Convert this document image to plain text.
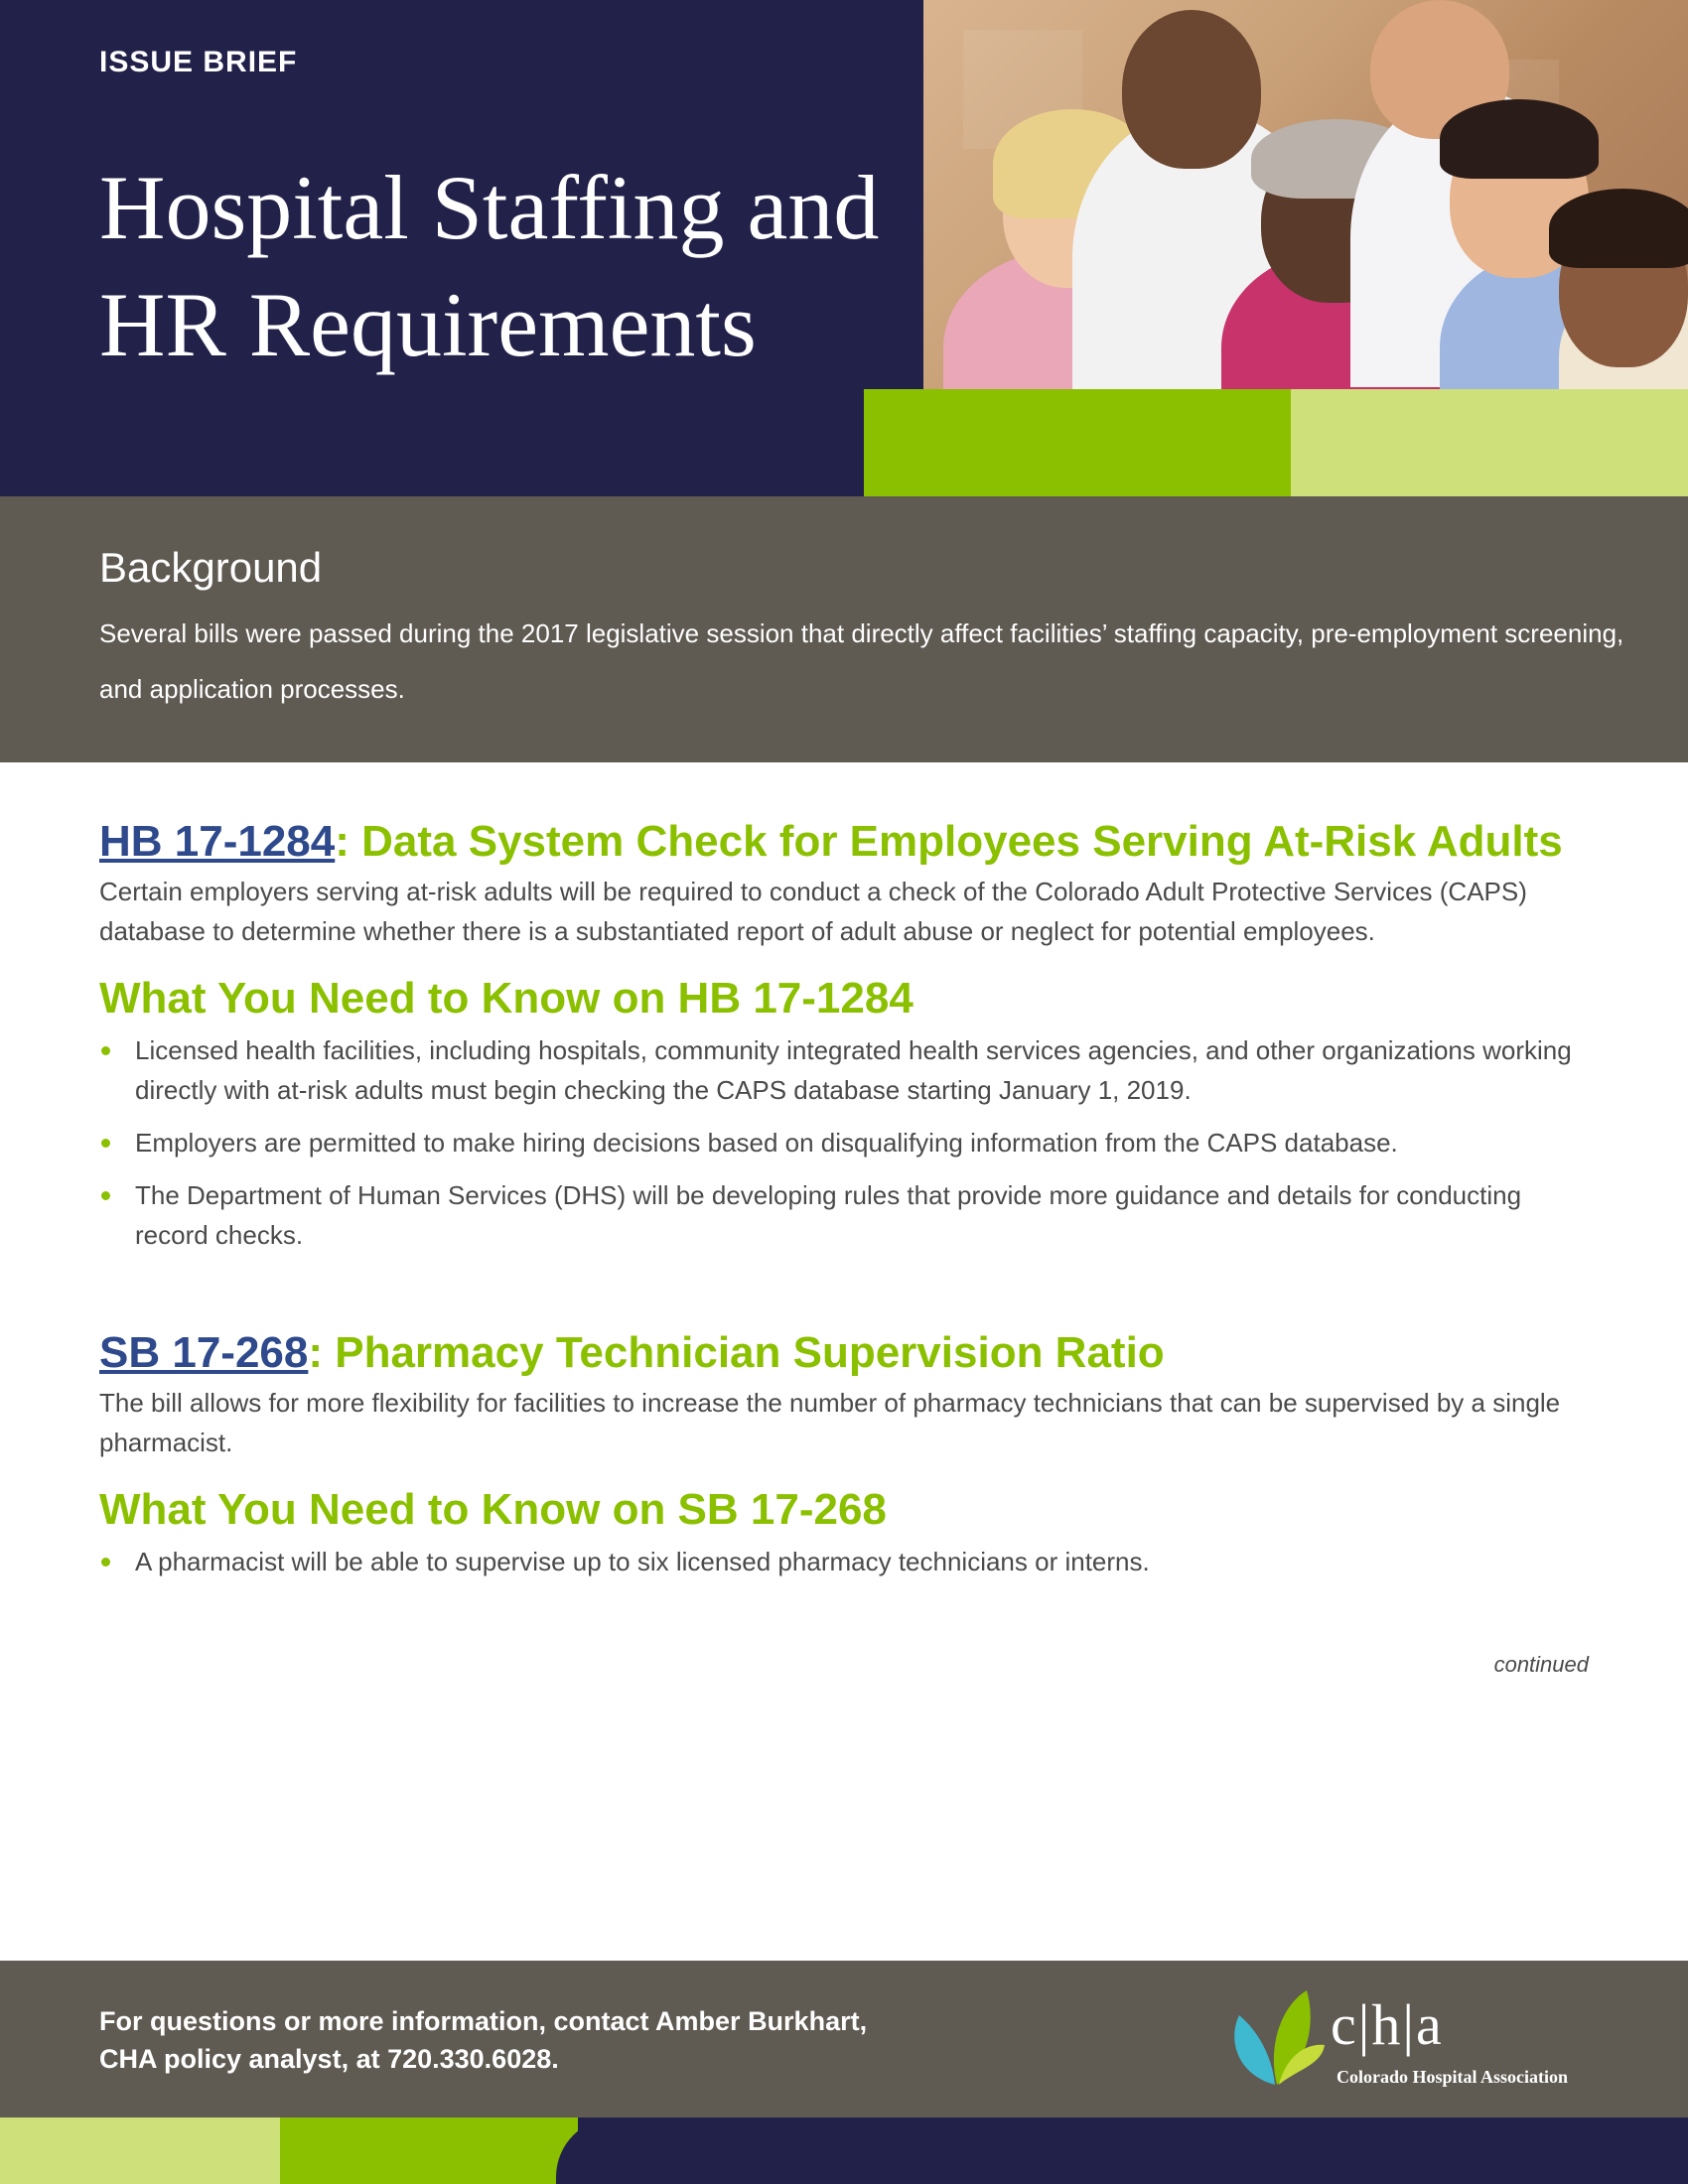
ISSUE BRIEF
Hospital Staffing and HR Requirements
Background
Several bills were passed during the 2017 legislative session that directly affect facilities’ staffing capacity, pre-employment screening, and application processes.
HB 17-1284: Data System Check for Employees Serving At-Risk Adults

Certain employers serving at-risk adults will be required to conduct a check of the Colorado Adult Protective Services (CAPS) database to determine whether there is a substantiated report of adult abuse or neglect for potential employees.

What You Need to Know on HB 17-1284
Licensed health facilities, including hospitals, community integrated health services agencies, and other organizations working directly with at-risk adults must begin checking the CAPS database starting January 1, 2019.
Employers are permitted to make hiring decisions based on disqualifying information from the CAPS database.
The Department of Human Services (DHS) will be developing rules that provide more guidance and details for conducting record checks.
SB 17-268: Pharmacy Technician Supervision Ratio

The bill allows for more flexibility for facilities to increase the number of pharmacy technicians that can be supervised by a single pharmacist.

What You Need to Know on SB 17-268
A pharmacist will be able to supervise up to six licensed pharmacy technicians or interns.
continued
For questions or more information, contact Amber Burkhart,
CHA policy analyst, at 720.330.6028.
c|h|a
Colorado Hospital Association
